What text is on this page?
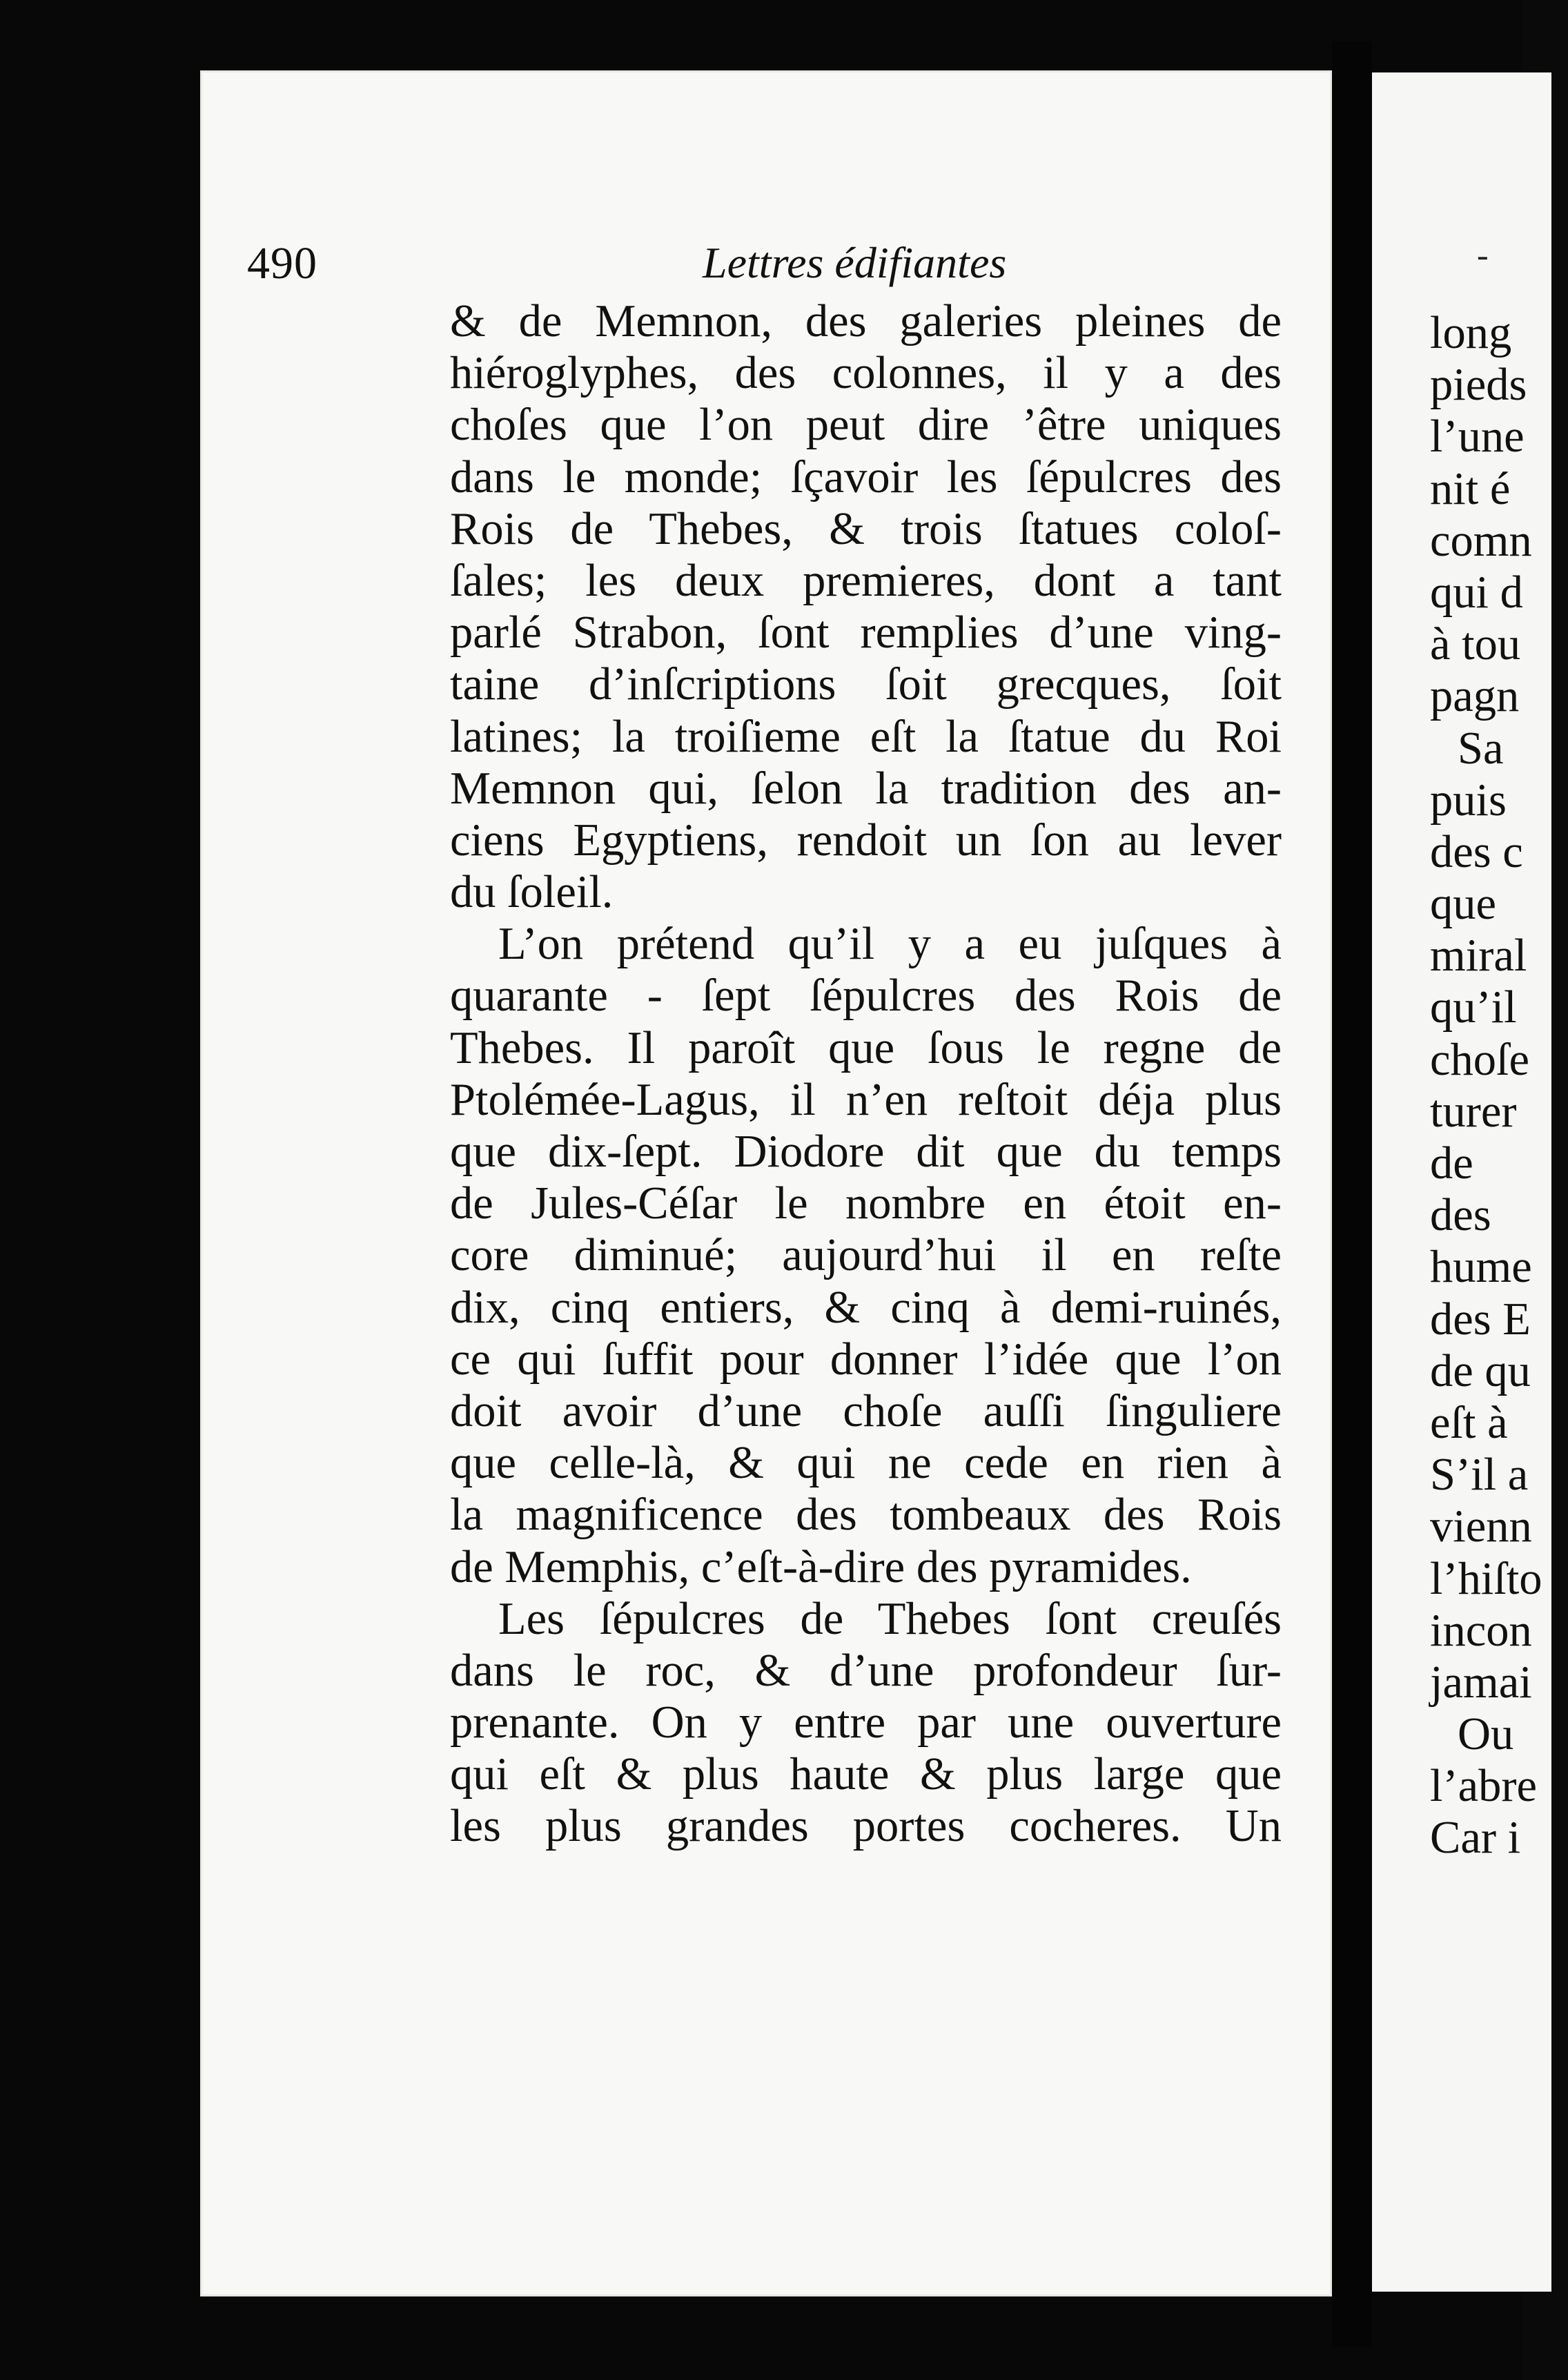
490	Lettres édifiantes
& de Memnon, des galeries pleines de
hiéroglyphes, des colonnes, il y a des
choſes que l’on peut dire ’être uniques
dans le monde; ſçavoir les ſépulcres des
Rois de Thebes, & trois ſtatues coloſ-
ſales; les deux premieres, dont a tant
parlé Strabon, ſont remplies d’une ving-
taine d’inſcriptions ſoit grecques, ſoit
latines; la troiſieme eſt la ſtatue du Roi
Memnon qui, ſelon la tradition des an-
ciens Egyptiens, rendoit un ſon au lever
du ſoleil.
L’on prétend qu’il y a eu juſques à
quarante - ſept ſépulcres des Rois de
Thebes. Il paroît que ſous le regne de
Ptolémée-Lagus, il n’en reſtoit déja plus
que dix-ſept. Diodore dit que du temps
de Jules-Céſar le nombre en étoit en-
core diminué; aujourd’hui il en reſte
dix, cinq entiers, & cinq à demi-ruinés,
ce qui ſuffit pour donner l’idée que l’on
doit avoir d’une choſe auſſi ſinguliere
que celle-là, & qui ne cede en rien à
la magnificence des tombeaux des Rois
de Memphis, c’eſt-à-dire des pyramides.
Les ſépulcres de Thebes ſont creuſés
dans le roc, & d’une profondeur ſur-
prenante. On y entre par une ouverture
qui eſt & plus haute & plus large que
les plus grandes portes cocheres. Un
-
long
pieds
l’une
nit é
comn
qui d
à tou
pagn
Sa
puis
des c
que
miral
qu’il
choſe
turer
de
des
hume
des E
de qu
eſt à
S’il a
vienn
l’hiſto
incon
jamai
Ou
l’abre
Car i
